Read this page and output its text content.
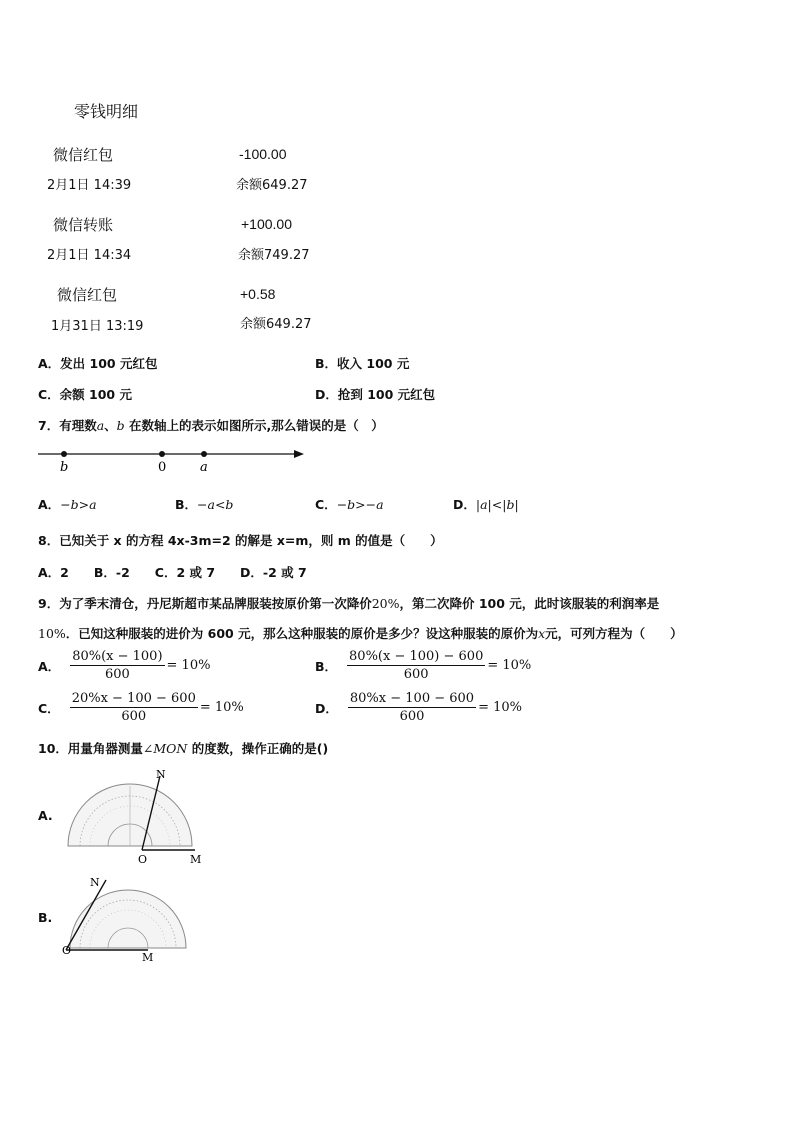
零钱明细
微信红包	-100.00
2月1日 14:39	余额649.27
微信转账	+100.00
2月1日 14:34	余额749.27
微信红包	+0.58
1月31日 13:19	余额649.27
A．发出 100 元红包	B．收入 100 元
C．余额 100 元	D．抢到 100 元红包
7．有理数a、b 在数轴上的表示如图所示,那么错误的是（　）
b	0	a
A．−b>a	B．−a<b	C．−b>−a	D．|a|<|b|
8．已知关于 x 的方程 4x-3m=2 的解是 x=m，则 m 的值是（　　）
A．2　　B．-2　　C．2 或 7　　D．-2 或 7
9．为了季末清仓，丹尼斯超市某品牌服装按原价第一次降价20%，第二次降价 100 元，此时该服装的利润率是
10%．已知这种服装的进价为 600 元，那么这种服装的原价是多少？设这种服装的原价为x元，可列方程为（　　）
A． $\frac{80\%(x - 100)}{600} = 10\%$	B． $\frac{80\%(x - 100) - 600}{600} = 10\%$
C． $\frac{20\%x - 100 - 600}{600} = 10\%$	D． $\frac{80\%x - 100 - 600}{600} = 10\%$
10．用量角器测量∠MON 的度数，操作正确的是()
A.
N
O	M
B.
N
O
M
